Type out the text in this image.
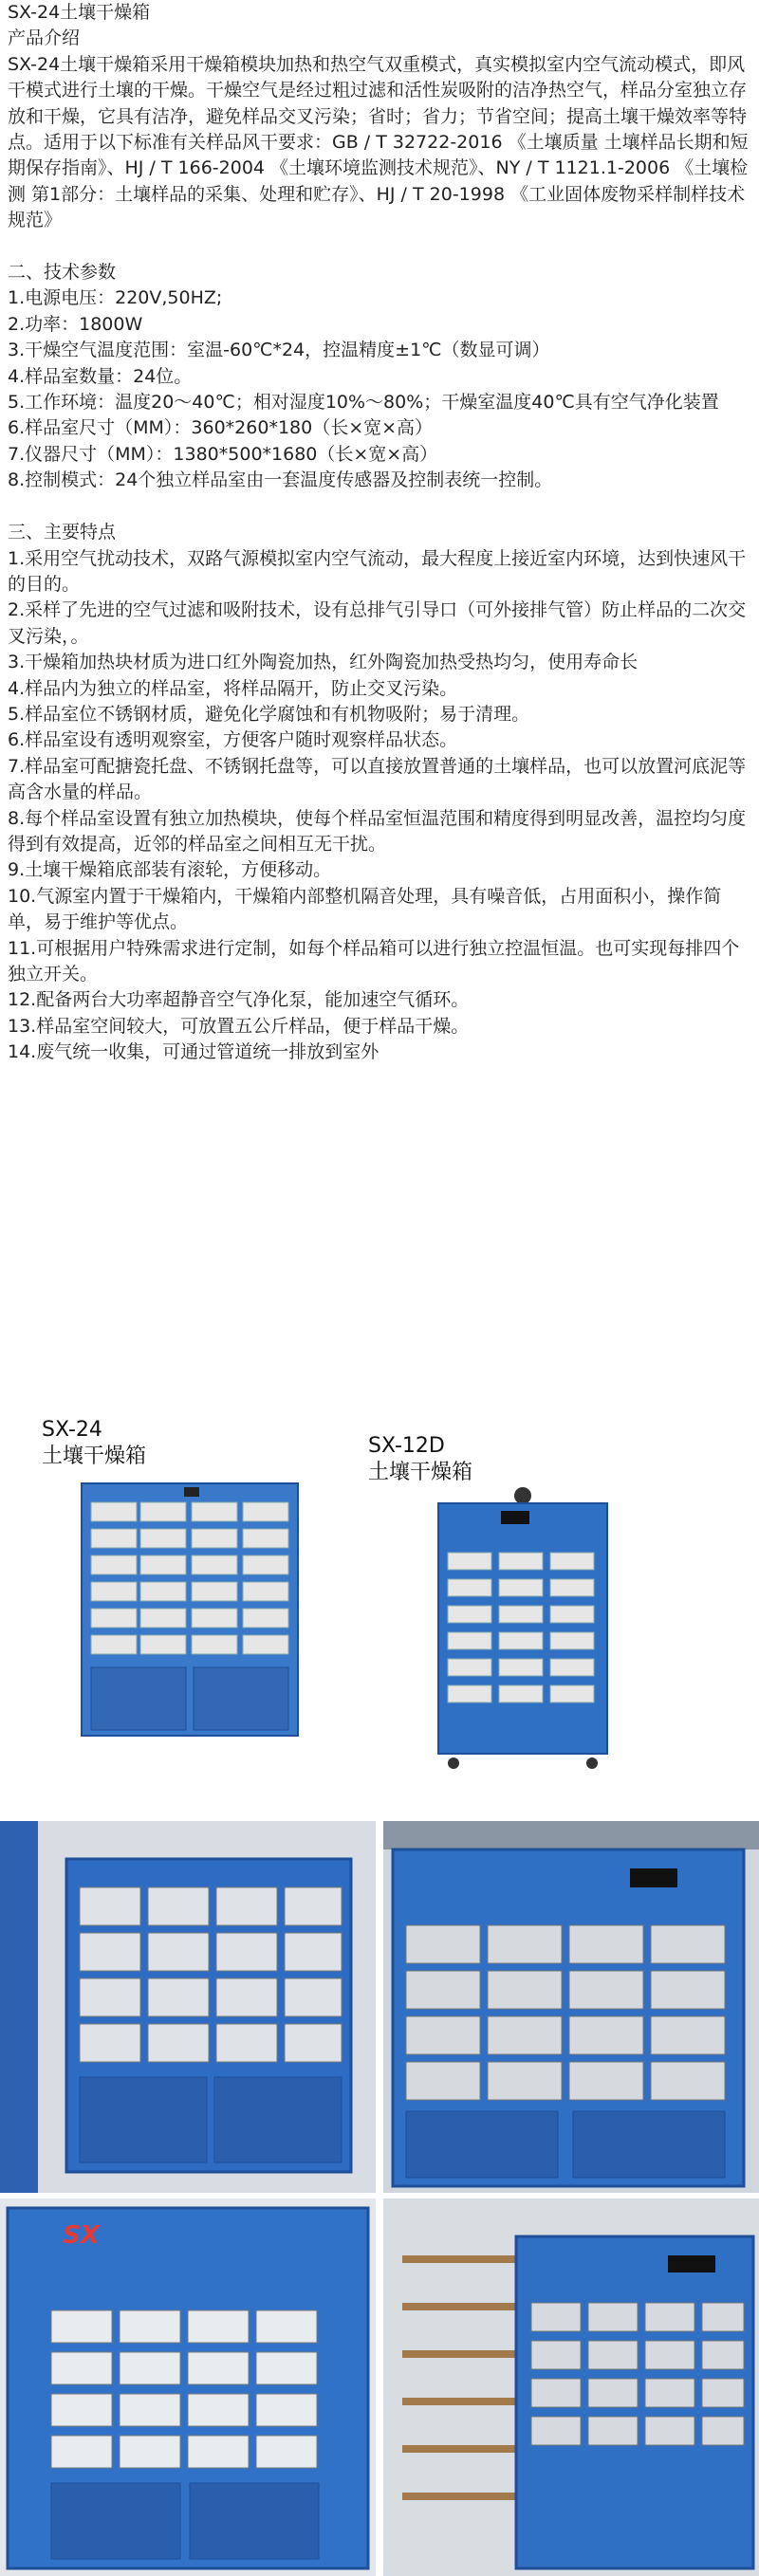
SX-24土壤干燥箱

产品介绍

SX-24土壤干燥箱采用干燥箱模块加热和热空气双重模式，真实模拟室内空气流动模式，即风干模式进行土壤的干燥。干燥空气是经过粗过滤和活性炭吸附的洁净热空气，样品分室独立存放和干燥，它具有洁净，避免样品交叉污染；省时；省力；节省空间；提高土壤干燥效率等特点。适用于以下标准有关样品风干要求：GB / T 32722-2016 《土壤质量 土壤样品长期和短期保存指南》、HJ / T 166-2004 《土壤环境监测技术规范》、NY / T 1121.1-2006 《土壤检测 第1部分：土壤样品的采集、处理和贮存》、HJ / T 20-1998 《工业固体废物采样制样技术规范》

二、技术参数

1.电源电压：220V,50HZ;

2.功率：1800W

3.干燥空气温度范围：室温-60℃*24，控温精度±1℃（数显可调）

4.样品室数量：24位。

5.工作环境：温度20～40℃；相对湿度10%～80%；干燥室温度40℃具有空气净化装置

6.样品室尺寸（MM）：360*260*180（长×宽×高）

7.仪器尺寸（MM）：1380*500*1680（长×宽×高）

8.控制模式：24个独立样品室由一套温度传感器及控制表统一控制。

三、主要特点

1.采用空气扰动技术，双路气源模拟室内空气流动，最大程度上接近室内环境，达到快速风干的目的。

2.采样了先进的空气过滤和吸附技术，设有总排气引导口（可外接排气管）防止样品的二次交叉污染，。

3.干燥箱加热块材质为进口红外陶瓷加热，红外陶瓷加热受热均匀，使用寿命长

4.样品内为独立的样品室，将样品隔开，防止交叉污染。

5.样品室位不锈钢材质，避免化学腐蚀和有机物吸附；易于清理。

6.样品室设有透明观察室，方便客户随时观察样品状态。

7.样品室可配搪瓷托盘、不锈钢托盘等，可以直接放置普通的土壤样品，也可以放置河底泥等高含水量的样品。

8.每个样品室设置有独立加热模块，使每个样品室恒温范围和精度得到明显改善，温控均匀度得到有效提高，近邻的样品室之间相互无干扰。

9.土壤干燥箱底部装有滚轮，方便移动。

10.气源室内置于干燥箱内，干燥箱内部整机隔音处理，具有噪音低，占用面积小，操作简单，易于维护等优点。

11.可根据用户特殊需求进行定制，如每个样品箱可以进行独立控温恒温。也可实现每排四个独立开关。

12.配备两台大功率超静音空气净化泵，能加速空气循环。

13.样品室空间较大，可放置五公斤样品，便于样品干燥。

14.废气统一收集，可通过管道统一排放到室外

SX-24
土壤干燥箱	SX-12D
土壤干燥箱
SX
